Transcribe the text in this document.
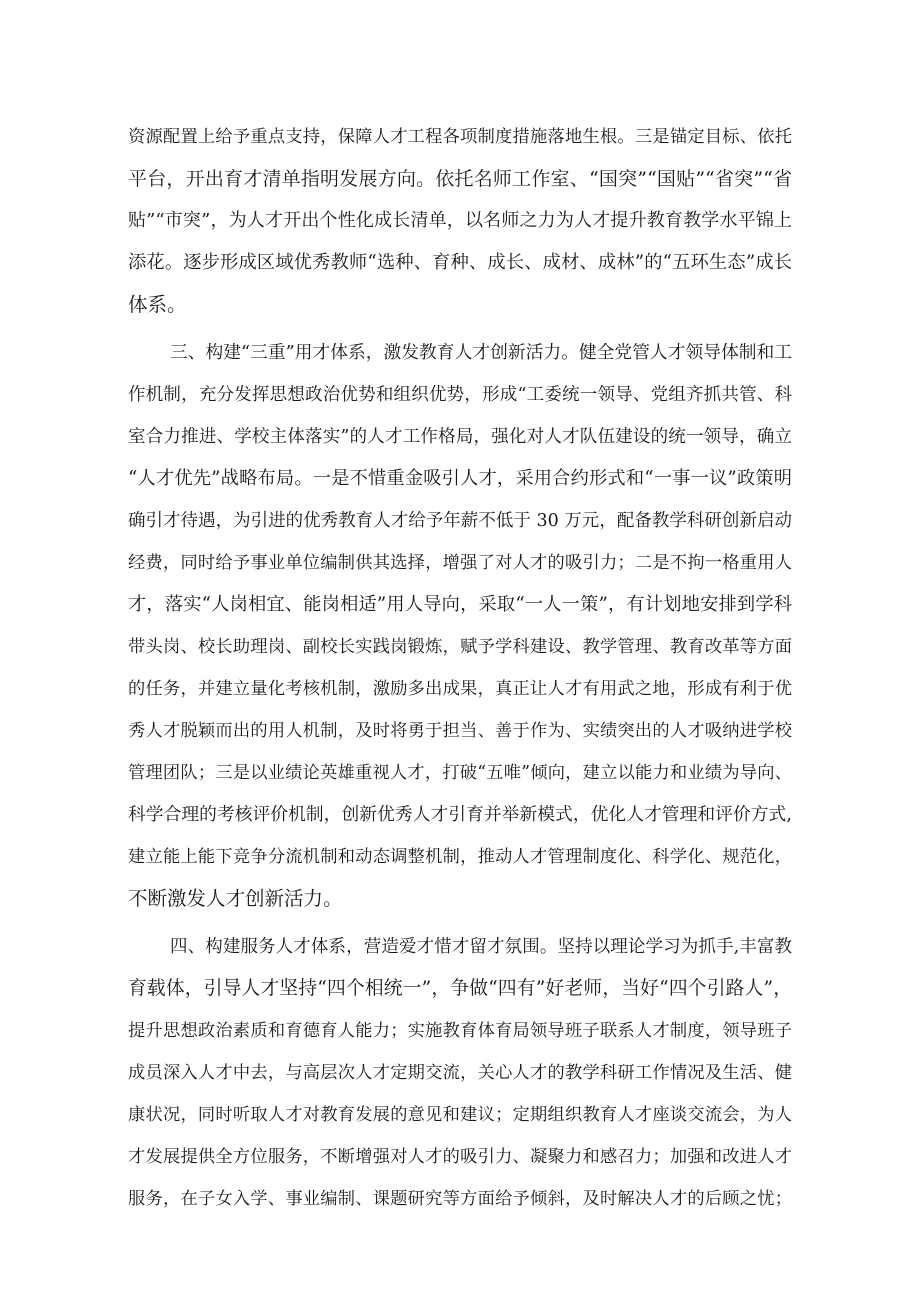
资源配置上给予重点支持，保障人才工程各项制度措施落地生根。三是锚定目标、依托
平台，开出育才清单指明发展方向。依托名师工作室、“国突”“国贴”“省突”“省
贴”“市突”，为人才开出个性化成长清单，以名师之力为人才提升教育教学水平锦上
添花。逐步形成区域优秀教师“选种、育种、成长、成材、成林”的“五环生态”成长
体系。
三、构建“三重”用才体系，激发教育人才创新活力。健全党管人才领导体制和工
作机制，充分发挥思想政治优势和组织优势，形成“工委统一领导、党组齐抓共管、科
室合力推进、学校主体落实”的人才工作格局，强化对人才队伍建设的统一领导，确立
“人才优先”战略布局。一是不惜重金吸引人才，采用合约形式和“一事一议”政策明
确引才待遇，为引进的优秀教育人才给予年薪不低于 30 万元，配备教学科研创新启动
经费，同时给予事业单位编制供其选择，增强了对人才的吸引力；二是不拘一格重用人
才，落实“人岗相宜、能岗相适”用人导向，采取“一人一策”，有计划地安排到学科
带头岗、校长助理岗、副校长实践岗锻炼，赋予学科建设、教学管理、教育改革等方面
的任务，并建立量化考核机制，激励多出成果，真正让人才有用武之地，形成有利于优
秀人才脱颖而出的用人机制，及时将勇于担当、善于作为、实绩突出的人才吸纳进学校
管理团队；三是以业绩论英雄重视人才，打破“五唯”倾向，建立以能力和业绩为导向、
科学合理的考核评价机制，创新优秀人才引育并举新模式，优化人才管理和评价方式,
建立能上能下竞争分流机制和动态调整机制，推动人才管理制度化、科学化、规范化，
不断激发人才创新活力。
四、构建服务人才体系，营造爱才惜才留才氛围。坚持以理论学习为抓手,丰富教
育载体，引导人才坚持“四个相统一”，争做“四有”好老师，当好“四个引路人”，
提升思想政治素质和育德育人能力；实施教育体育局领导班子联系人才制度，领导班子
成员深入人才中去，与高层次人才定期交流，关心人才的教学科研工作情况及生活、健
康状况，同时听取人才对教育发展的意见和建议；定期组织教育人才座谈交流会，为人
才发展提供全方位服务，不断增强对人才的吸引力、凝聚力和感召力；加强和改进人才
服务，在子女入学、事业编制、课题研究等方面给予倾斜，及时解决人才的后顾之忧；
